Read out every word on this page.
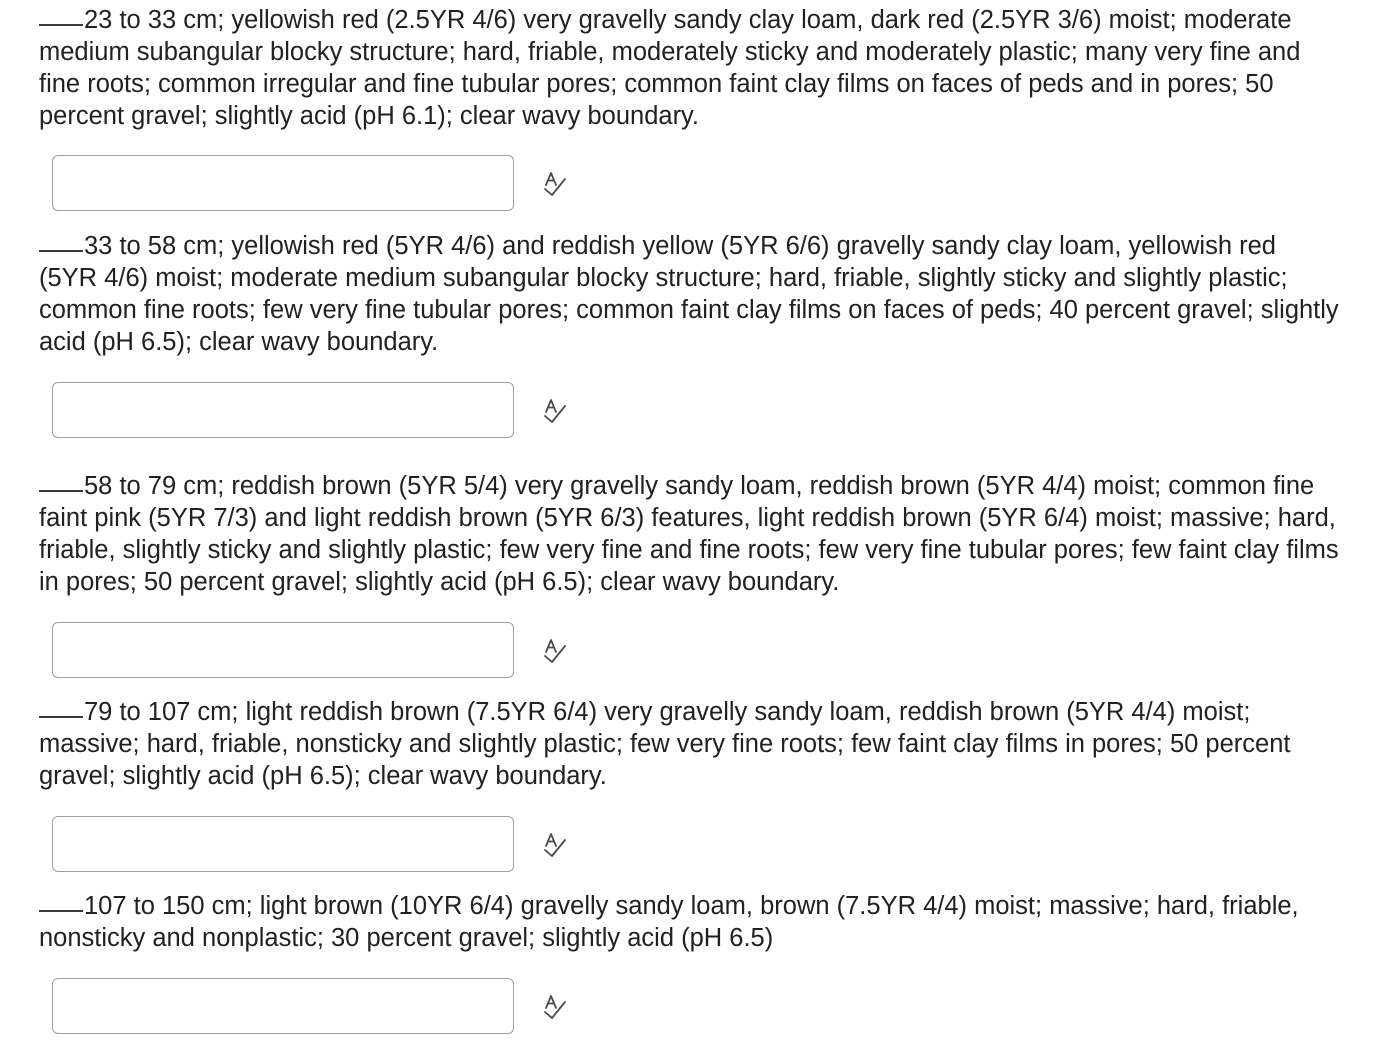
23 to 33 cm; yellowish red (2.5YR 4/6) very gravelly sandy clay loam, dark red (2.5YR 3/6) moist; moderate medium subangular blocky structure; hard, friable, moderately sticky and moderately plastic; many very fine and fine roots; common irregular and fine tubular pores; common faint clay films on faces of peds and in pores; 50 percent gravel; slightly acid (pH 6.1); clear wavy boundary.

33 to 58 cm; yellowish red (5YR 4/6) and reddish yellow (5YR 6/6) gravelly sandy clay loam, yellowish red (5YR 4/6) moist; moderate medium subangular blocky structure; hard, friable, slightly sticky and slightly plastic; common fine roots; few very fine tubular pores; common faint clay films on faces of peds; 40 percent gravel; slightly acid (pH 6.5); clear wavy boundary.

58 to 79 cm; reddish brown (5YR 5/4) very gravelly sandy loam, reddish brown (5YR 4/4) moist; common fine faint pink (5YR 7/3) and light reddish brown (5YR 6/3) features, light reddish brown (5YR 6/4) moist; massive; hard, friable, slightly sticky and slightly plastic; few very fine and fine roots; few very fine tubular pores; few faint clay films in pores; 50 percent gravel; slightly acid (pH 6.5); clear wavy boundary.

79 to 107 cm; light reddish brown (7.5YR 6/4) very gravelly sandy loam, reddish brown (5YR 4/4) moist; massive; hard, friable, nonsticky and slightly plastic; few very fine roots; few faint clay films in pores; 50 percent gravel; slightly acid (pH 6.5); clear wavy boundary.

107 to 150 cm; light brown (10YR 6/4) gravelly sandy loam, brown (7.5YR 4/4) moist; massive; hard, friable, nonsticky and nonplastic; 30 percent gravel; slightly acid (pH 6.5)
